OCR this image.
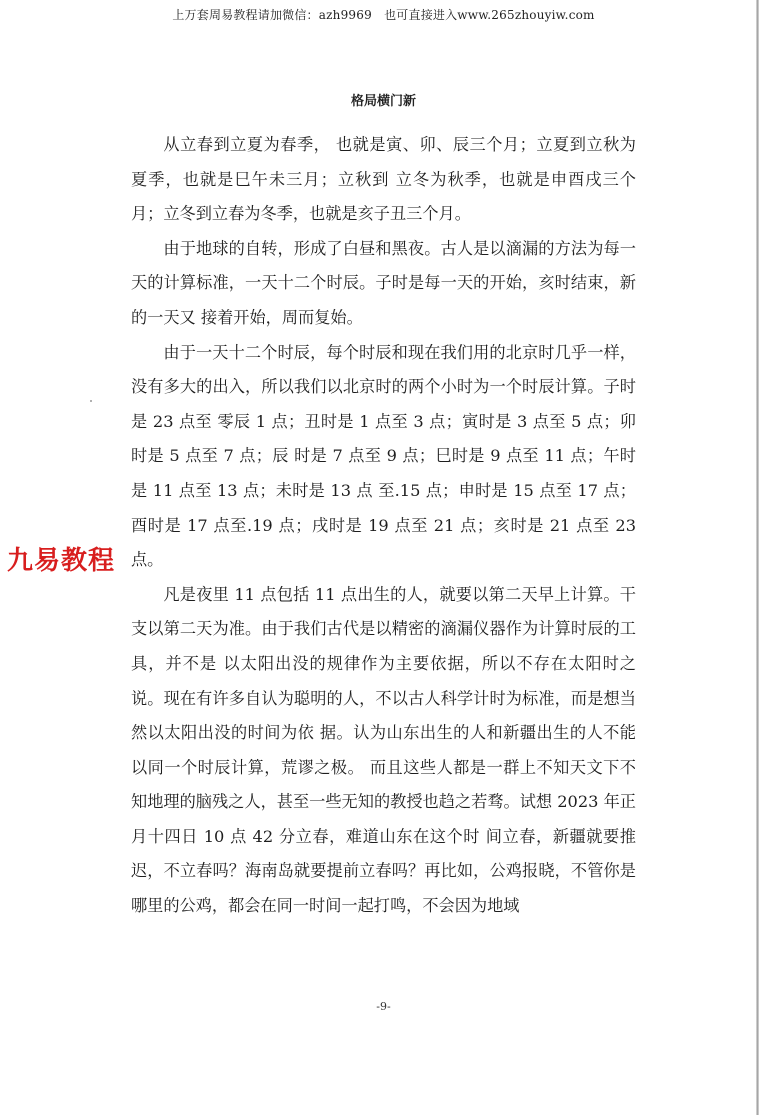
上万套周易教程请加微信：azh9969　也可直接进入www.265zhouyiw.com
格局横门新

从立春到立夏为春季， 也就是寅、卯、辰三个月；立夏到立秋为夏季，也就是巳午未三月；立秋到 立冬为秋季，也就是申酉戌三个月；立冬到立春为冬季，也就是亥子丑三个月。

由于地球的自转，形成了白昼和黑夜。古人是以滴漏的方法为每一天的计算标准，一天十二个时辰。子时是每一天的开始，亥时结束，新的一天又 接着开始，周而复始。

由于一天十二个时辰，每个时辰和现在我们用的北京时几乎一样，没有多大的出入，所以我们以北京时的两个小时为一个时辰计算。子时是 23 点至 零辰 1 点；丑时是 1 点至 3 点；寅时是 3 点至 5 点；卯时是 5 点至 7 点；辰 时是 7 点至 9 点；巳时是 9 点至 11 点；午时是 11 点至 13 点；未时是 13 点 至.15 点；申时是 15 点至 17 点；酉时是 17 点至.19 点；戌时是 19 点至 21 点；亥时是 21 点至 23 点。

凡是夜里 11 点包括 11 点出生的人，就要以第二天早上计算。干支以第二天为准。由于我们古代是以精密的滴漏仪器作为计算时辰的工具，并不是 以太阳出没的规律作为主要依据，所以不存在太阳时之说。现在有许多自认为聪明的人，不以古人科学计时为标准，而是想当然以太阳出没的时间为依 据。认为山东出生的人和新疆出生的人不能以同一个时辰计算，荒谬之极。 而且这些人都是一群上不知天文下不知地理的脑残之人，甚至一些无知的教授也趋之若骛。试想 2023 年正月十四日 10 点 42 分立春，难道山东在这个时 间立春，新疆就要推迟，不立春吗？海南岛就要提前立春吗？再比如，公鸡报晓，不管你是哪里的公鸡，都会在同一时间一起打鸣，不会因为地域

九易教程
-9-
